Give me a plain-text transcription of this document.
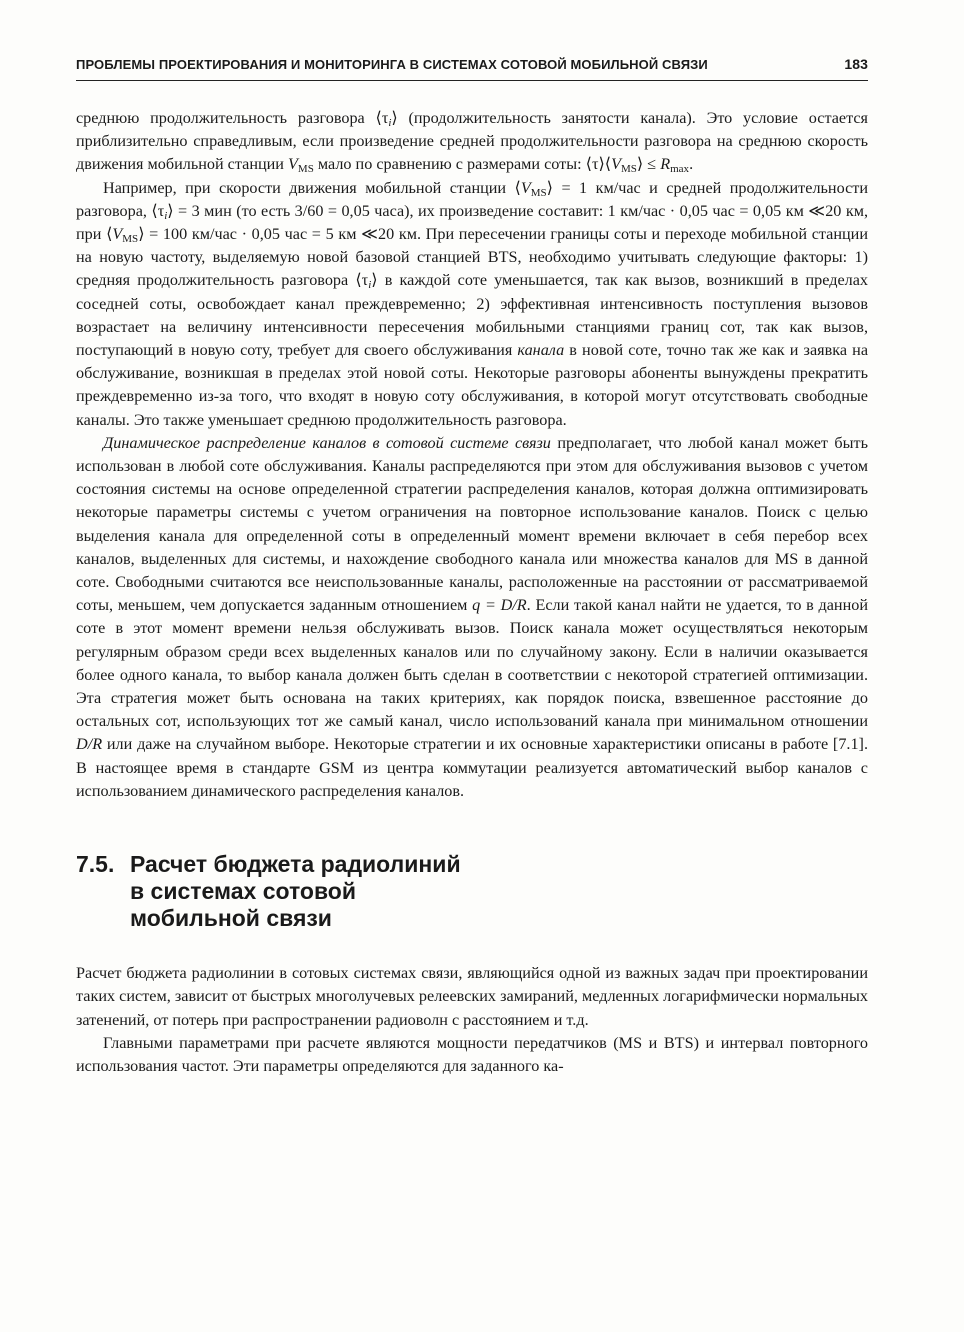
ПРОБЛЕМЫ ПРОЕКТИРОВАНИЯ И МОНИТОРИНГА В СИСТЕМАХ СОТОВОЙ МОБИЛЬНОЙ СВЯЗИ	183

среднюю продолжительность разговора $⟨\tau_i⟩$ (продолжительность занятости канала). Это условие остается приблизительно справедливым, если произведение средней продолжительности разговора на среднюю скорость движения мобильной станции $V_{MS}$ мало по сравнению с размерами соты: $⟨\tau⟩⟨V_{MS}⟩ \le R_{max}$.

Например, при скорости движения мобильной станции $⟨V_{MS}⟩ = 1$ км/час и средней продолжительности разговора, $⟨\tau_i⟩ = 3$ мин (то есть 3/60 = 0,05 часа), их произведение составит: 1 км/час · 0,05 час = 0,05 км ≪20 км, при $⟨V_{MS}⟩ = 100$ км/час · 0,05 час = 5 км ≪20 км. При пересечении границы соты и переходе мобильной станции на новую частоту, выделяемую новой базовой станцией BTS, необходимо учитывать следующие факторы: 1) средняя продолжительность разговора $⟨\tau_i⟩$ в каждой соте уменьшается, так как вызов, возникший в пределах соседней соты, освобождает канал преждевременно; 2) эффективная интенсивность поступления вызовов возрастает на величину интенсивности пересечения мобильными станциями границ сот, так как вызов, поступающий в новую соту, требует для своего обслуживания канала в новой соте, точно так же как и заявка на обслуживание, возникшая в пределах этой новой соты. Некоторые разговоры абоненты вынуждены прекратить преждевременно из-за того, что входят в новую соту обслуживания, в которой могут отсутствовать свободные каналы. Это также уменьшает среднюю продолжительность разговора.

Динамическое распределение каналов в сотовой системе связи предполагает, что любой канал может быть использован в любой соте обслуживания. Каналы распределяются при этом для обслуживания вызовов с учетом состояния системы на основе определенной стратегии распределения каналов, которая должна оптимизировать некоторые параметры системы с учетом ограничения на повторное использование каналов. Поиск с целью выделения канала для определенной соты в определенный момент времени включает в себя перебор всех каналов, выделенных для системы, и нахождение свободного канала или множества каналов для MS в данной соте. Свободными считаются все неиспользованные каналы, расположенные на расстоянии от рассматриваемой соты, меньшем, чем допускается заданным отношением q = D/R. Если такой канал найти не удается, то в данной соте в этот момент времени нельзя обслуживать вызов. Поиск канала может осуществляться некоторым регулярным образом среди всех выделенных каналов или по случайному закону. Если в наличии оказывается более одного канала, то выбор канала должен быть сделан в соответствии с некоторой стратегией оптимизации. Эта стратегия может быть основана на таких критериях, как порядок поиска, взвешенное расстояние до остальных сот, использующих тот же самый канал, число использований канала при минимальном отношении D/R или даже на случайном выборе. Некоторые стратегии и их основные характеристики описаны в работе [7.1]. В настоящее время в стандарте GSM из центра коммутации реализуется автоматический выбор каналов с использованием динамического распределения каналов.

7.5. Расчет бюджета радиолиний в системах сотовой мобильной связи

Расчет бюджета радиолинии в сотовых системах связи, являющийся одной из важных задач при проектировании таких систем, зависит от быстрых многолучевых релеевских замираний, медленных логарифмически нормальных затенений, от потерь при распространении радиоволн с расстоянием и т.д.

Главными параметрами при расчете являются мощности передатчиков (MS и BTS) и интервал повторного использования частот. Эти параметры определяются для заданного ка-
